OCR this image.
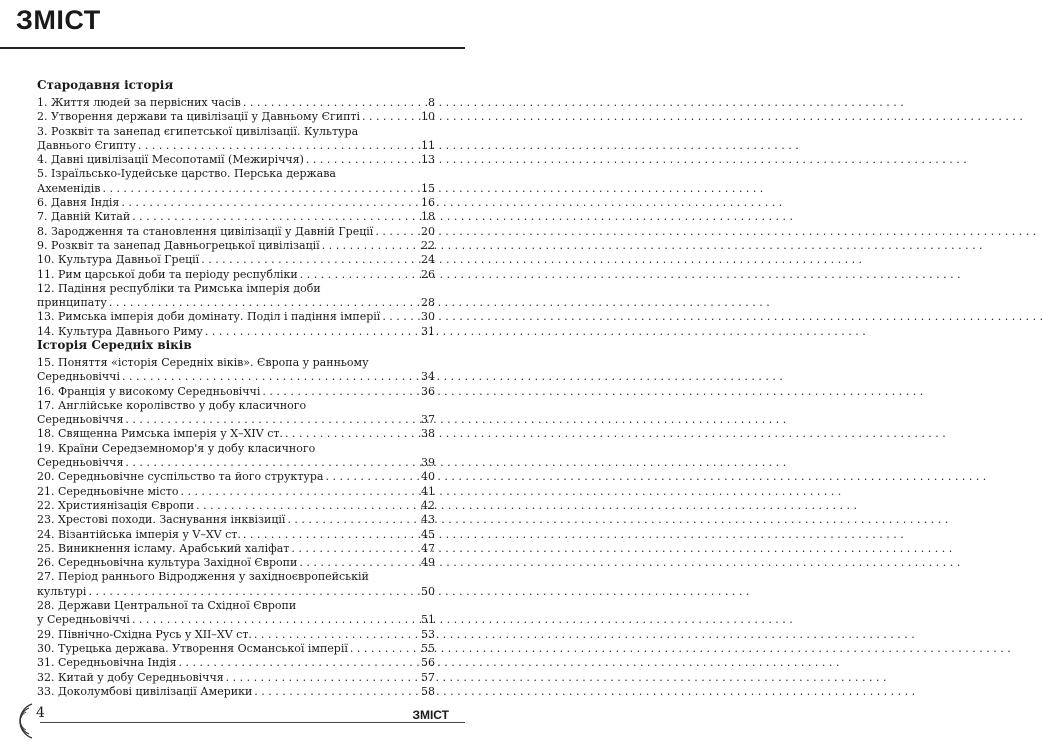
ЗМІСТ
Стародавня історія
1. Життя людей за первісних часів . . .	8
2. Утворення держави та цивілізації у Давньому Єгипті . . .	10
3. Розквіт та занепад єгипетської цивілізації. Культура
Давнього Єгипту . . .	11
4. Давні цивілізації Месопотамії (Межиріччя) . . .	13
5. Ізраїльсько-Іудейське царство. Перська держава
Ахеменідів . . .	15
6. Давня Індія . . .	16
7. Давній Китай . . .	18
8. Зародження та становлення цивілізації у Давній Греції . . .	20
9. Розквіт та занепад Давньогрецької цивілізації . . .	22
10. Культура Давньої Греції . . .	24
11. Рим царської доби та періоду республіки . . .	26
12. Падіння республіки та Римська імперія доби
принципату . . .	28
13. Римська імперія доби домінату. Поділ і падіння імперії . . .	30
14. Культура Давнього Риму . . .	31
Історія Середніх віків
15. Поняття «історія Середніх віків». Європа у ранньому
Середньовіччі . . .	34
16. Франція у високому Середньовіччі . . .	36
17. Англійське королівство у добу класичного
Середньовіччя . . .	37
18. Священна Римська імперія у X–XIV ст. . . .	38
19. Країни Середземномор'я у добу класичного
Середньовіччя . . .	39
20. Середньовічне суспільство та його структура . . .	40
21. Середньовічне місто . . .	41
22. Християнізація Європи . . .	42
23. Хрестові походи. Заснування інквізиції . . .	43
24. Візантійська імперія у V–XV ст. . . .	45
25. Виникнення ісламу. Арабський халіфат . . .	47
26. Середньовічна культура Західної Європи . . .	49
27. Період раннього Відродження у західноєвропейській
культурі . . .	50
28. Держави Центральної та Східної Європи
у Середньовіччі . . .	51
29. Північно-Східна Русь у XII–XV ст. . . .	53
30. Турецька держава. Утворення Османської імперії . . .	55
31. Середньовічна Індія . . .	56
32. Китай у добу Середньовіччя . . .	57
33. Доколумбові цивілізації Америки . . .	58
4	ЗМІСТ
